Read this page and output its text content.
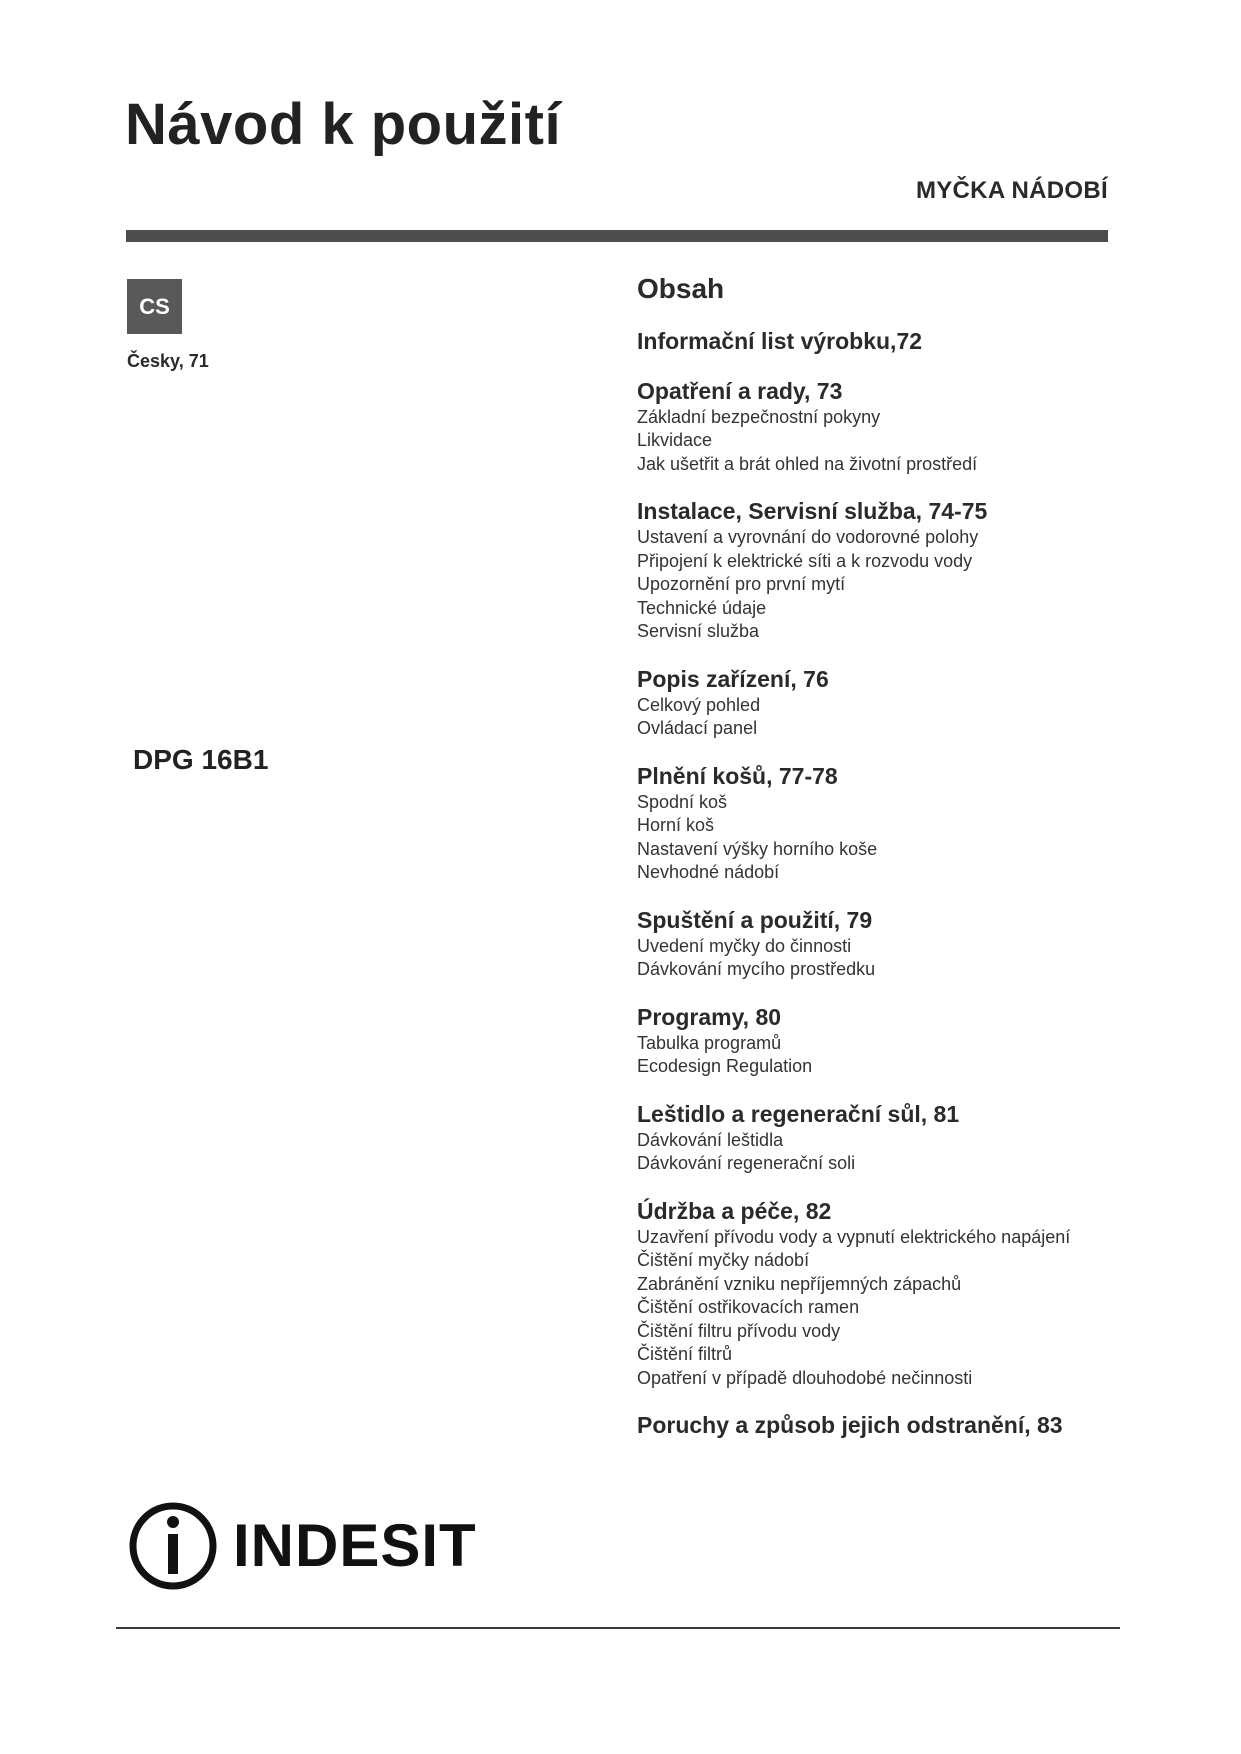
Návod k použití
MYČKA NÁDOBÍ
CS
Česky, 71
DPG 16B1
Obsah
Informační list výrobku,72
Opatření a rady, 73
Základní bezpečnostní pokyny
Likvidace
Jak ušetřit a brát ohled na životní prostředí
Instalace, Servisní služba, 74-75
Ustavení a vyrovnání do vodorovné polohy
Připojení k elektrické síti a k rozvodu vody
Upozornění pro první mytí
Technické údaje
Servisní služba
Popis zařízení, 76
Celkový pohled
Ovládací panel
Plnění košů, 77-78
Spodní koš
Horní koš
Nastavení výšky horního koše
Nevhodné nádobí
Spuštění a použití, 79
Uvedení myčky do činnosti
Dávkování mycího prostředku
Programy, 80
Tabulka programů
Ecodesign Regulation
Leštidlo a regenerační sůl, 81
Dávkování leštidla
Dávkování regenerační soli
Údržba a péče, 82
Uzavření přívodu vody a vypnutí elektrického napájení
Čištění myčky nádobí
Zabránění vzniku nepříjemných zápachů
Čištění ostřikovacích ramen
Čištění filtru přívodu vody
Čištění filtrů
Opatření v případě dlouhodobé nečinnosti
Poruchy a způsob jejich odstranění, 83
INDESIT
